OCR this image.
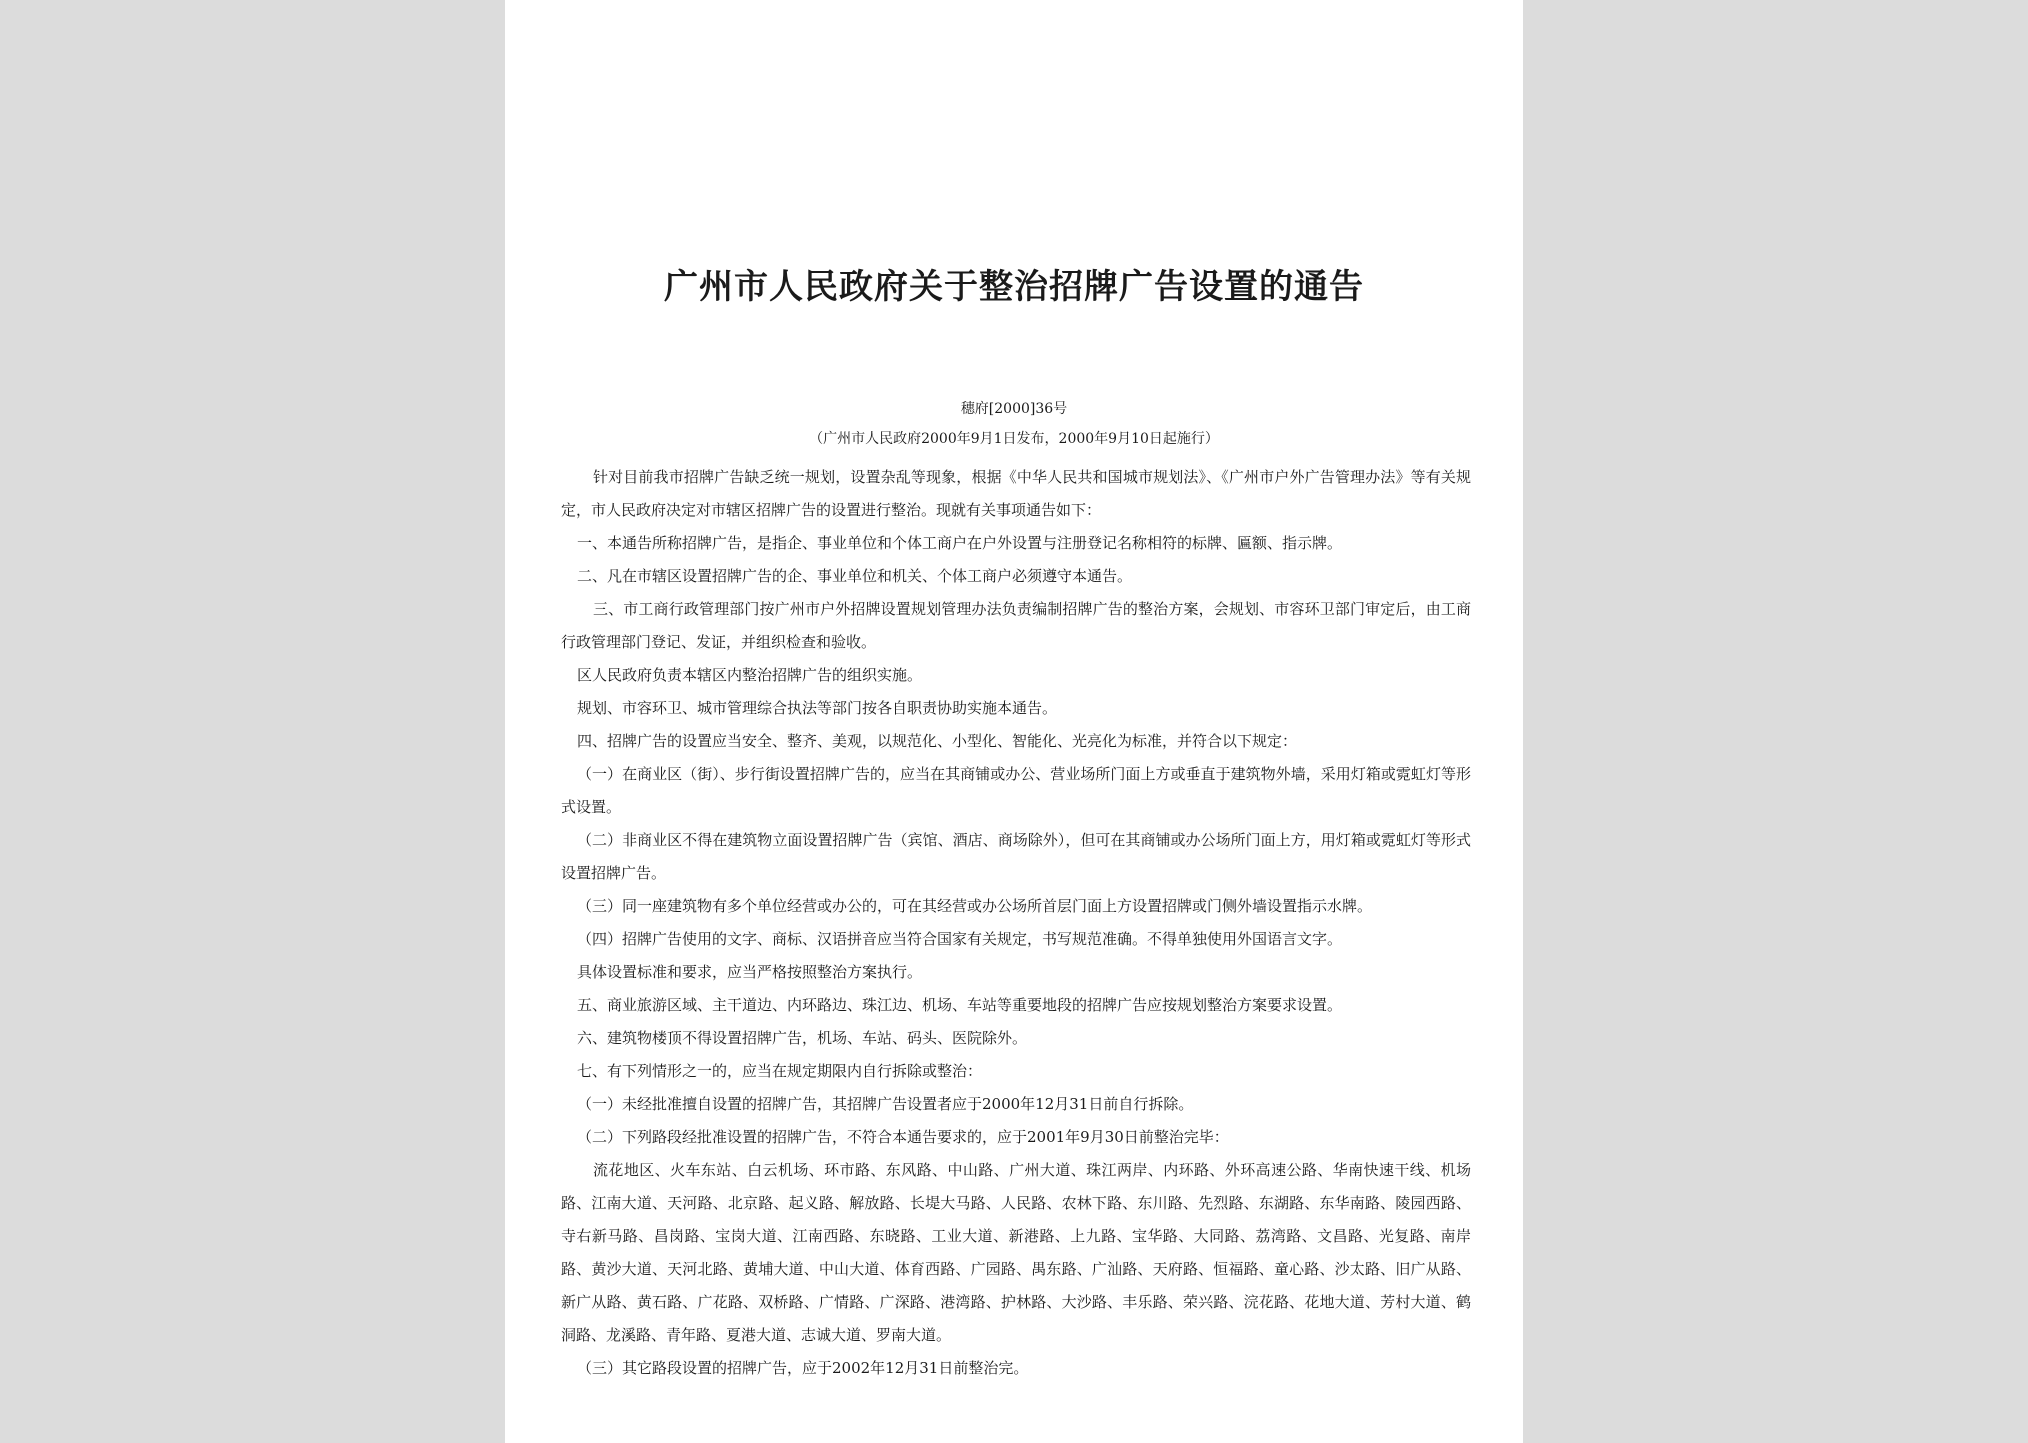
广州市人民政府关于整治招牌广告设置的通告
穗府[2000]36号
（广州市人民政府2000年9月1日发布，2000年9月10日起施行）

针对目前我市招牌广告缺乏统一规划，设置杂乱等现象，根据《中华人民共和国城市规划法》、《广州市户外广告管理办法》等有关规定，市人民政府决定对市辖区招牌广告的设置进行整治。现就有关事项通告如下：

一、本通告所称招牌广告，是指企、事业单位和个体工商户在户外设置与注册登记名称相符的标牌、匾额、指示牌。

二、凡在市辖区设置招牌广告的企、事业单位和机关、个体工商户必须遵守本通告。

三、市工商行政管理部门按广州市户外招牌设置规划管理办法负责编制招牌广告的整治方案，会规划、市容环卫部门审定后，由工商行政管理部门登记、发证，并组织检查和验收。

区人民政府负责本辖区内整治招牌广告的组织实施。

规划、市容环卫、城市管理综合执法等部门按各自职责协助实施本通告。

四、招牌广告的设置应当安全、整齐、美观，以规范化、小型化、智能化、光亮化为标准，并符合以下规定：

（一）在商业区（街）、步行街设置招牌广告的，应当在其商铺或办公、营业场所门面上方或垂直于建筑物外墙，采用灯箱或霓虹灯等形式设置。

（二）非商业区不得在建筑物立面设置招牌广告（宾馆、酒店、商场除外），但可在其商铺或办公场所门面上方，用灯箱或霓虹灯等形式设置招牌广告。

（三）同一座建筑物有多个单位经营或办公的，可在其经营或办公场所首层门面上方设置招牌或门侧外墙设置指示水牌。

（四）招牌广告使用的文字、商标、汉语拼音应当符合国家有关规定，书写规范准确。不得单独使用外国语言文字。

具体设置标准和要求，应当严格按照整治方案执行。

五、商业旅游区域、主干道边、内环路边、珠江边、机场、车站等重要地段的招牌广告应按规划整治方案要求设置。

六、建筑物楼顶不得设置招牌广告，机场、车站、码头、医院除外。

七、有下列情形之一的，应当在规定期限内自行拆除或整治：

（一）未经批准擅自设置的招牌广告，其招牌广告设置者应于2000年12月31日前自行拆除。

（二）下列路段经批准设置的招牌广告，不符合本通告要求的，应于2001年9月30日前整治完毕：

流花地区、火车东站、白云机场、环市路、东风路、中山路、广州大道、珠江两岸、内环路、外环高速公路、华南快速干线、机场路、江南大道、天河路、北京路、起义路、解放路、长堤大马路、人民路、农林下路、东川路、先烈路、东湖路、东华南路、陵园西路、寺右新马路、昌岗路、宝岗大道、江南西路、东晓路、工业大道、新港路、上九路、宝华路、大同路、荔湾路、文昌路、光复路、南岸路、黄沙大道、天河北路、黄埔大道、中山大道、体育西路、广园路、禺东路、广汕路、天府路、恒福路、童心路、沙太路、旧广从路、新广从路、黄石路、广花路、双桥路、广情路、广深路、港湾路、护林路、大沙路、丰乐路、荣兴路、浣花路、花地大道、芳村大道、鹤洞路、龙溪路、青年路、夏港大道、志诚大道、罗南大道。

（三）其它路段设置的招牌广告，应于2002年12月31日前整治完。
